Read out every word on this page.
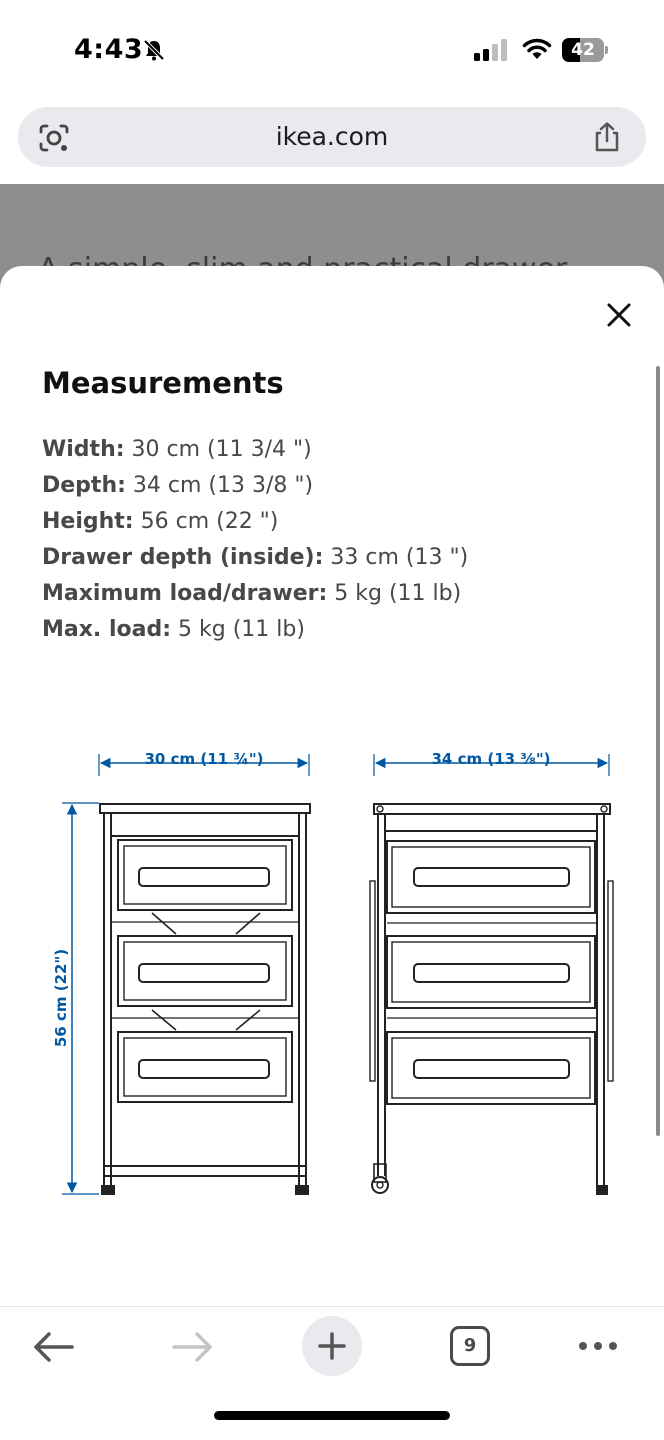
4:43	42
ikea.com
Measurements
Width: 30 cm (11 3/4 ")
Depth: 34 cm (13 3/8 ")
Height: 56 cm (22 ")
Drawer depth (inside): 33 cm (13 ")
Maximum load/drawer: 5 kg (11 lb)
Max. load: 5 kg (11 lb)
30 cm (11 ¾")	34 cm (13 ⅜")
56 cm (22")
9
